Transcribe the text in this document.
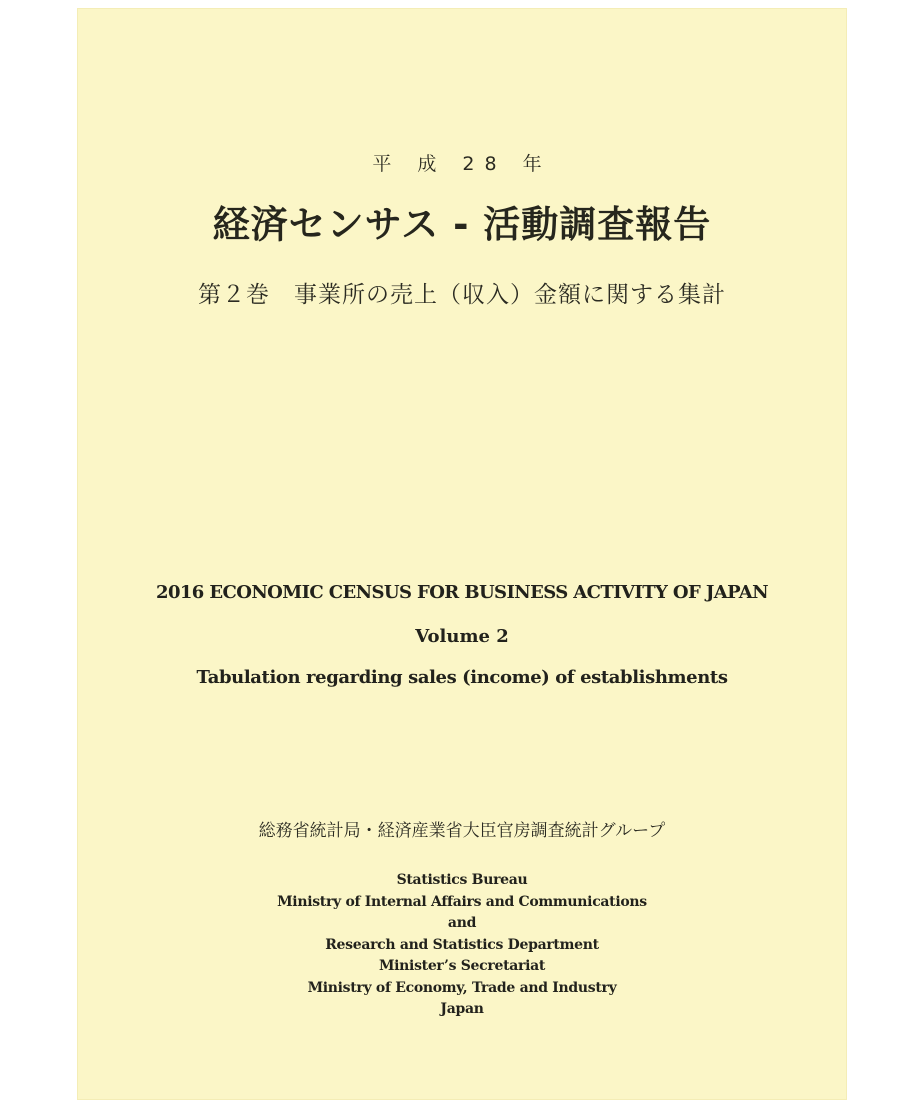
平 成 28 年
経済センサス - 活動調査報告
第２巻　事業所の売上（収入）金額に関する集計
2016 ECONOMIC CENSUS FOR BUSINESS ACTIVITY OF JAPAN
Volume 2
Tabulation regarding sales (income) of establishments
総務省統計局・経済産業省大臣官房調査統計グループ
Statistics Bureau
Ministry of Internal Affairs and Communications
and
Research and Statistics Department
Minister’s Secretariat
Ministry of Economy, Trade and Industry
Japan
